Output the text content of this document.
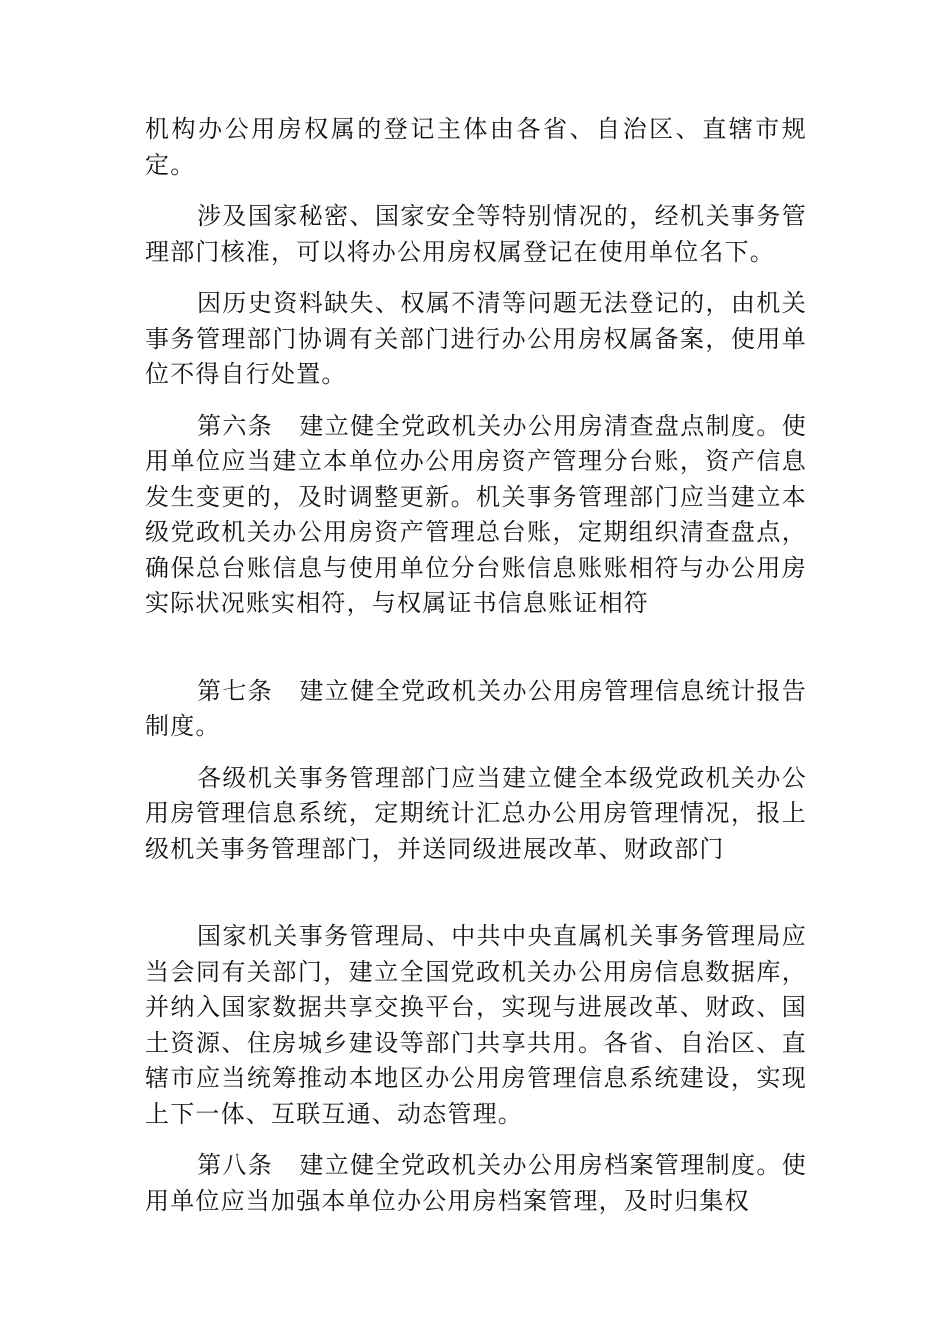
机构办公用房权属的登记主体由各省、自治区、直辖市规定。

涉及国家秘密、国家安全等特别情况的，经机关事务管理部门核准，可以将办公用房权属登记在使用单位名下。

因历史资料缺失、权属不清等问题无法登记的，由机关事务管理部门协调有关部门进行办公用房权属备案，使用单位不得自行处置。

第六条 建立健全党政机关办公用房清查盘点制度。使用单位应当建立本单位办公用房资产管理分台账，资产信息发生变更的，及时调整更新。机关事务管理部门应当建立本级党政机关办公用房资产管理总台账，定期组织清查盘点，确保总台账信息与使用单位分台账信息账账相符与办公用房实际状况账实相符，与权属证书信息账证相符

第七条 建立健全党政机关办公用房管理信息统计报告制度。

各级机关事务管理部门应当建立健全本级党政机关办公用房管理信息系统，定期统计汇总办公用房管理情况，报上级机关事务管理部门，并送同级进展改革、财政部门

国家机关事务管理局、中共中央直属机关事务管理局应当会同有关部门，建立全国党政机关办公用房信息数据库，并纳入国家数据共享交换平台，实现与进展改革、财政、国土资源、住房城乡建设等部门共享共用。各省、自治区、直辖市应当统筹推动本地区办公用房管理信息系统建设，实现上下一体、互联互通、动态管理。

第八条 建立健全党政机关办公用房档案管理制度。使用单位应当加强本单位办公用房档案管理，及时归集权
